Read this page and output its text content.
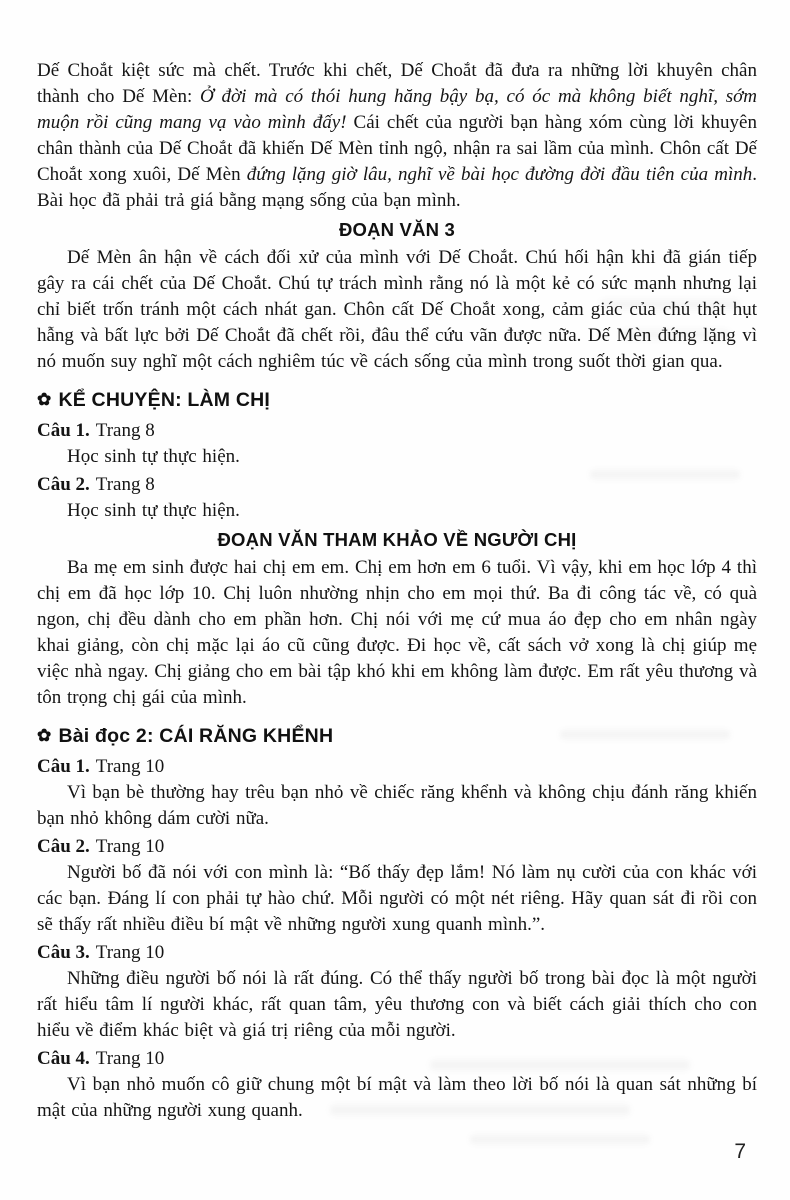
Dế Choắt kiệt sức mà chết. Trước khi chết, Dế Choắt đã đưa ra những lời khuyên chân thành cho Dế Mèn: Ở đời mà có thói hung hăng bậy bạ, có óc mà không biết nghĩ, sớm muộn rồi cũng mang vạ vào mình đấy! Cái chết của người bạn hàng xóm cùng lời khuyên chân thành của Dế Choắt đã khiến Dế Mèn tỉnh ngộ, nhận ra sai lầm của mình. Chôn cất Dế Choắt xong xuôi, Dế Mèn đứng lặng giờ lâu, nghĩ về bài học đường đời đầu tiên của mình. Bài học đã phải trả giá bằng mạng sống của bạn mình.

ĐOẠN VĂN 3

Dế Mèn ân hận về cách đối xử của mình với Dế Choắt. Chú hối hận khi đã gián tiếp gây ra cái chết của Dế Choắt. Chú tự trách mình rằng nó là một kẻ có sức mạnh nhưng lại chỉ biết trốn tránh một cách nhát gan. Chôn cất Dế Choắt xong, cảm giác của chú thật hụt hẫng và bất lực bởi Dế Choắt đã chết rồi, đâu thể cứu vãn được nữa. Dế Mèn đứng lặng vì nó muốn suy nghĩ một cách nghiêm túc về cách sống của mình trong suốt thời gian qua.

✿ KỂ CHUYỆN: LÀM CHỊ

Câu 1. Trang 8

Học sinh tự thực hiện.

Câu 2. Trang 8

Học sinh tự thực hiện.

ĐOẠN VĂN THAM KHẢO VỀ NGƯỜI CHỊ

Ba mẹ em sinh được hai chị em em. Chị em hơn em 6 tuổi. Vì vậy, khi em học lớp 4 thì chị em đã học lớp 10. Chị luôn nhường nhịn cho em mọi thứ. Ba đi công tác về, có quà ngon, chị đều dành cho em phần hơn. Chị nói với mẹ cứ mua áo đẹp cho em nhân ngày khai giảng, còn chị mặc lại áo cũ cũng được. Đi học về, cất sách vở xong là chị giúp mẹ việc nhà ngay. Chị giảng cho em bài tập khó khi em không làm được. Em rất yêu thương và tôn trọng chị gái của mình.

✿ Bài đọc 2: CÁI RĂNG KHỂNH

Câu 1. Trang 10

Vì bạn bè thường hay trêu bạn nhỏ về chiếc răng khểnh và không chịu đánh răng khiến bạn nhỏ không dám cười nữa.

Câu 2. Trang 10

Người bố đã nói với con mình là: “Bố thấy đẹp lắm! Nó làm nụ cười của con khác với các bạn. Đáng lí con phải tự hào chứ. Mỗi người có một nét riêng. Hãy quan sát đi rồi con sẽ thấy rất nhiều điều bí mật về những người xung quanh mình.”.

Câu 3. Trang 10

Những điều người bố nói là rất đúng. Có thể thấy người bố trong bài đọc là một người rất hiểu tâm lí người khác, rất quan tâm, yêu thương con và biết cách giải thích cho con hiểu về điểm khác biệt và giá trị riêng của mỗi người.

Câu 4. Trang 10

Vì bạn nhỏ muốn cô giữ chung một bí mật và làm theo lời bố nói là quan sát những bí mật của những người xung quanh.

7
